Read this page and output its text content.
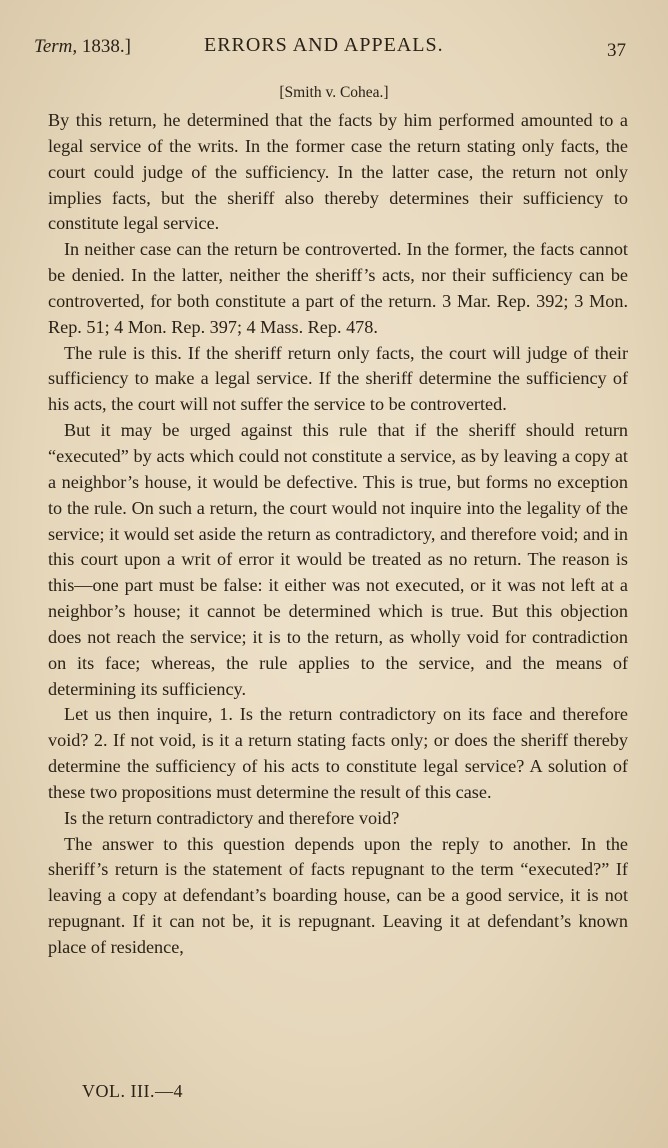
Term, 1838.]	ERRORS AND APPEALS.	37
[Smith v. Cohea.]

By this return, he determined that the facts by him performed amounted to a legal service of the writs. In the former case the return stating only facts, the court could judge of the sufficiency. In the latter case, the return not only implies facts, but the sheriff also thereby determines their sufficiency to constitute legal service.

In neither case can the return be controverted. In the former, the facts cannot be denied. In the latter, neither the sheriff’s acts, nor their sufficiency can be controverted, for both constitute a part of the return. 3 Mar. Rep. 392; 3 Mon. Rep. 51; 4 Mon. Rep. 397; 4 Mass. Rep. 478.

The rule is this. If the sheriff return only facts, the court will judge of their sufficiency to make a legal service. If the sheriff determine the sufficiency of his acts, the court will not suffer the service to be controverted.

But it may be urged against this rule that if the sheriff should return “executed” by acts which could not constitute a service, as by leaving a copy at a neighbor’s house, it would be defective. This is true, but forms no exception to the rule. On such a return, the court would not inquire into the legality of the service; it would set aside the return as contradictory, and therefore void; and in this court upon a writ of error it would be treated as no return. The reason is this—one part must be false: it either was not executed, or it was not left at a neighbor’s house; it cannot be determined which is true. But this objection does not reach the service; it is to the return, as wholly void for contradiction on its face; whereas, the rule applies to the service, and the means of determining its sufficiency.

Let us then inquire, 1. Is the return contradictory on its face and therefore void? 2. If not void, is it a return stating facts only; or does the sheriff thereby determine the sufficiency of his acts to constitute legal service? A solution of these two propositions must determine the result of this case.

Is the return contradictory and therefore void?

The answer to this question depends upon the reply to another. In the sheriff’s return is the statement of facts repugnant to the term “executed?” If leaving a copy at defendant’s boarding house, can be a good service, it is not repugnant. If it can not be, it is repugnant. Leaving it at defendant’s known place of residence,

VOL. III.—4
